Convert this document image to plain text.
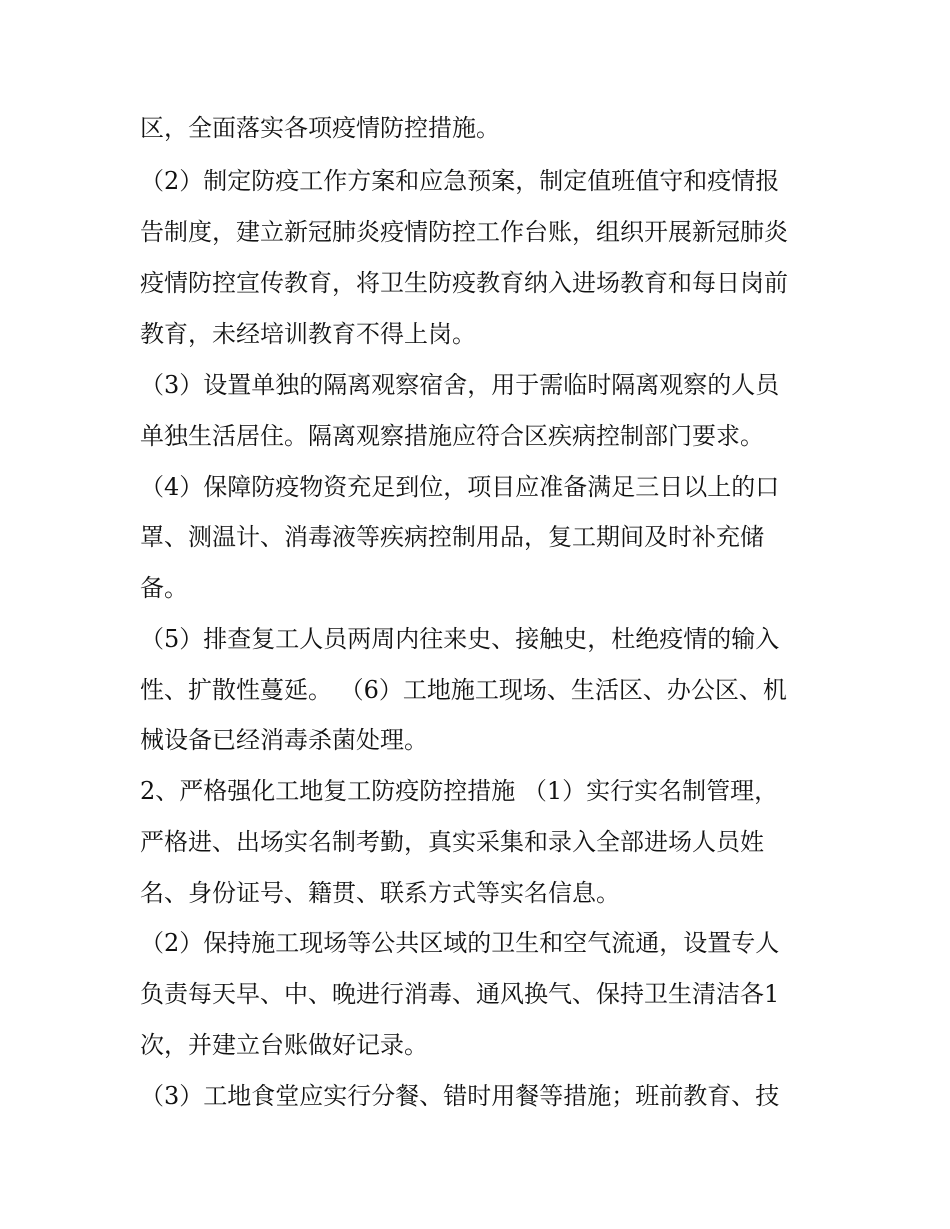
区，全面落实各项疫情防控措施。
（2）制定防疫工作方案和应急预案，制定值班值守和疫情报
告制度，建立新冠肺炎疫情防控工作台账，组织开展新冠肺炎
疫情防控宣传教育，将卫生防疫教育纳入进场教育和每日岗前
教育，未经培训教育不得上岗。
（3）设置单独的隔离观察宿舍，用于需临时隔离观察的人员
单独生活居住。隔离观察措施应符合区疾病控制部门要求。
（4）保障防疫物资充足到位，项目应准备满足三日以上的口
罩、测温计、消毒液等疾病控制用品，复工期间及时补充储
备。
（5）排查复工人员两周内往来史、接触史，杜绝疫情的输入
性、扩散性蔓延。 （6）工地施工现场、生活区、办公区、机
械设备已经消毒杀菌处理。
2、严格强化工地复工防疫防控措施 （1）实行实名制管理，
严格进、出场实名制考勤，真实采集和录入全部进场人员姓
名、身份证号、籍贯、联系方式等实名信息。
（2）保持施工现场等公共区域的卫生和空气流通，设置专人
负责每天早、中、晚进行消毒、通风换气、保持卫生清洁各1
次，并建立台账做好记录。
（3）工地食堂应实行分餐、错时用餐等措施；班前教育、技
